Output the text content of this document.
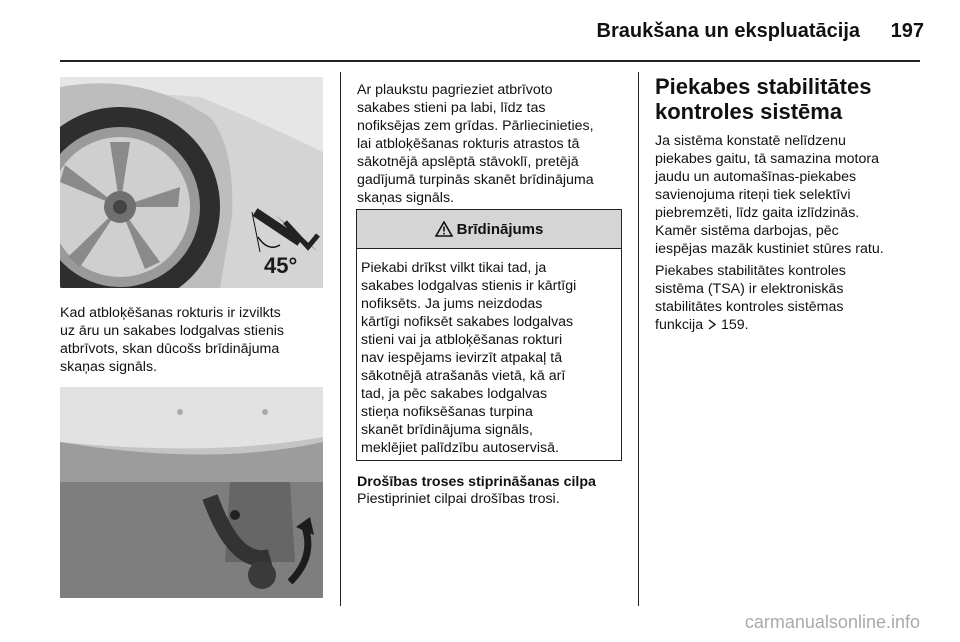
Braukšana un ekspluatācija	197
45°

Kad atbloķēšanas rokturis ir izvilkts

uz āru un sakabes lodgalvas stienis

atbrīvots, skan dūcošs brīdinājuma

skaņas signāls.

Ar plaukstu pagrieziet atbrīvoto

sakabes stieni pa labi, līdz tas

nofiksējas zem grīdas. Pārliecinieties,

lai atbloķēšanas rokturis atrastos tā

sākotnējā apslēptā stāvoklī, pretējā

gadījumā turpinās skanēt brīdinājuma

skaņas signāls.

Brīdinājums
Piekabi drīkst vilkt tikai tad, ja
sakabes lodgalvas stienis ir kārtīgi
nofiksēts. Ja jums neizdodas
kārtīgi nofiksēt sakabes lodgalvas
stieni vai ja atbloķēšanas rokturi
nav iespējams ievirzīt atpakaļ tā
sākotnējā atrašanās vietā, kā arī
tad, ja pēc sakabes lodgalvas
stieņa nofiksēšanas turpina
skanēt brīdinājuma signāls,
meklējiet palīdzību autoservisā.
Drošības troses stiprināšanas cilpa
Piestipriniet cilpai drošības trosi.
Piekabes stabilitātes
kontroles sistēma

Ja sistēma konstatē nelīdzenu

piekabes gaitu, tā samazina motora

jaudu un automašīnas-piekabes

savienojuma riteņi tiek selektīvi

piebremzēti, līdz gaita izlīdzinās.

Kamēr sistēma darbojas, pēc

iespējas mazāk kustiniet stūres ratu.

Piekabes stabilitātes kontroles

sistēma (TSA) ir elektroniskās

stabilitātes kontroles sistēmas

funkcija 159.

carmanualsonline.info
